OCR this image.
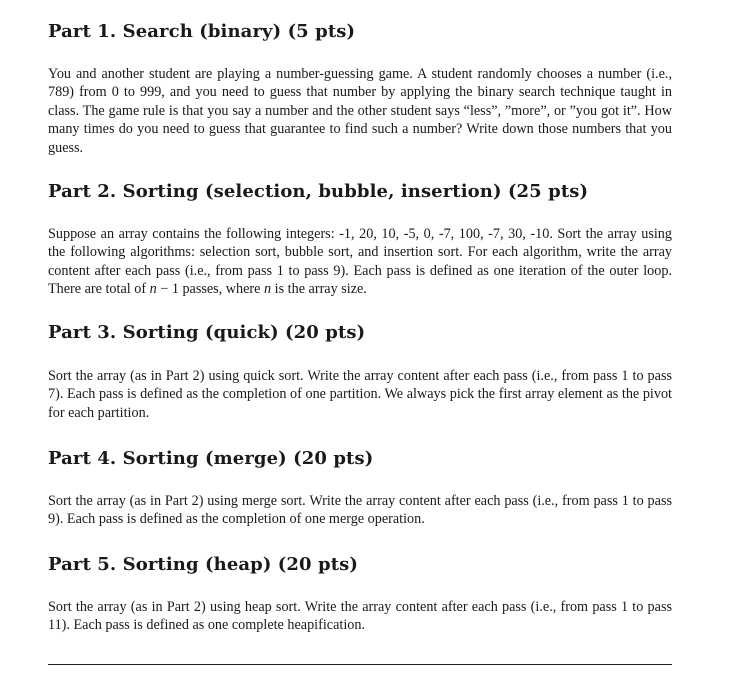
Part 1. Search (binary) (5 pts)

You and another student are playing a number-guessing game. A student randomly chooses a number (i.e., 789) from 0 to 999, and you need to guess that number by applying the binary search technique taught in class. The game rule is that you say a number and the other student says “less”, ”more”, or ”you got it”. How many times do you need to guess that guarantee to find such a number? Write down those numbers that you guess.

Part 2. Sorting (selection, bubble, insertion) (25 pts)

Suppose an array contains the following integers: -1, 20, 10, -5, 0, -7, 100, -7, 30, -10. Sort the array using the following algorithms: selection sort, bubble sort, and insertion sort. For each algorithm, write the array content after each pass (i.e., from pass 1 to pass 9). Each pass is defined as one iteration of the outer loop. There are total of n − 1 passes, where n is the array size.

Part 3. Sorting (quick) (20 pts)

Sort the array (as in Part 2) using quick sort. Write the array content after each pass (i.e., from pass 1 to pass 7). Each pass is defined as the completion of one partition. We always pick the first array element as the pivot for each partition.

Part 4. Sorting (merge) (20 pts)

Sort the array (as in Part 2) using merge sort. Write the array content after each pass (i.e., from pass 1 to pass 9). Each pass is defined as the completion of one merge operation.

Part 5. Sorting (heap) (20 pts)

Sort the array (as in Part 2) using heap sort. Write the array content after each pass (i.e., from pass 1 to pass 11). Each pass is defined as one complete heapification.
